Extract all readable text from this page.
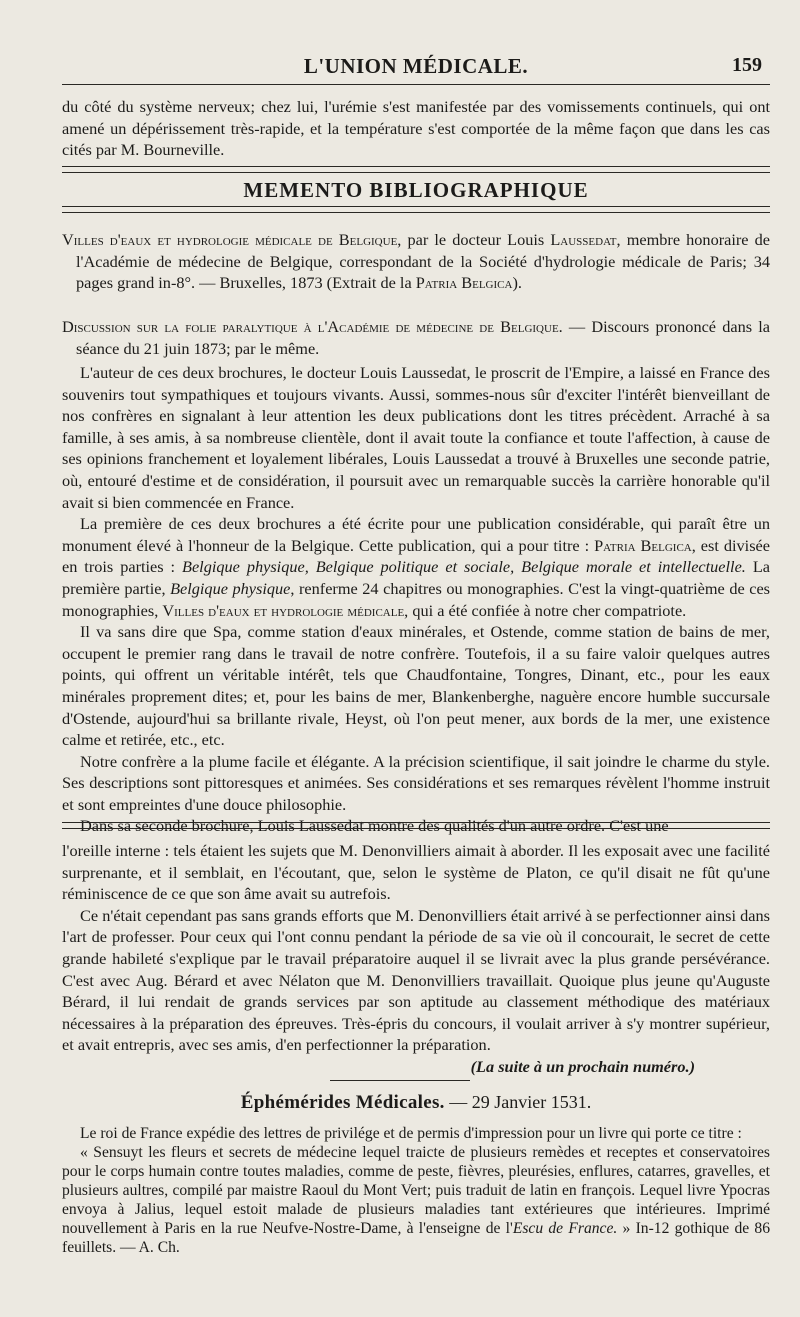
L'UNION MÉDICALE.	159

du côté du système nerveux; chez lui, l'urémie s'est manifestée par des vomissements continuels, qui ont amené un dépérissement très-rapide, et la température s'est comportée de la même façon que dans les cas cités par M. Bourneville.

MEMENTO BIBLIOGRAPHIQUE
Villes d'eaux et hydrologie médicale de Belgique, par le docteur Louis Laussedat, membre honoraire de l'Académie de médecine de Belgique, correspondant de la Société d'hydrologie médicale de Paris; 34 pages grand in-8°. — Bruxelles, 1873 (Extrait de la Patria Belgica).
Discussion sur la folie paralytique à l'Académie de médecine de Belgique. — Discours prononcé dans la séance du 21 juin 1873; par le même.

L'auteur de ces deux brochures, le docteur Louis Laussedat, le proscrit de l'Empire, a laissé en France des souvenirs tout sympathiques et toujours vivants. Aussi, sommes-nous sûr d'exciter l'intérêt bienveillant de nos confrères en signalant à leur attention les deux publications dont les titres précèdent. Arraché à sa famille, à ses amis, à sa nombreuse clientèle, dont il avait toute la confiance et toute l'affection, à cause de ses opinions franchement et loyalement libérales, Louis Laussedat a trouvé à Bruxelles une seconde patrie, où, entouré d'estime et de considération, il poursuit avec un remarquable succès la carrière honorable qu'il avait si bien commencée en France.

La première de ces deux brochures a été écrite pour une publication considérable, qui paraît être un monument élevé à l'honneur de la Belgique. Cette publication, qui a pour titre : Patria Belgica, est divisée en trois parties : Belgique physique, Belgique politique et sociale, Belgique morale et intellectuelle. La première partie, Belgique physique, renferme 24 chapitres ou monographies. C'est la vingt-quatrième de ces monographies, Villes d'eaux et hydrologie médicale, qui a été confiée à notre cher compatriote.

Il va sans dire que Spa, comme station d'eaux minérales, et Ostende, comme station de bains de mer, occupent le premier rang dans le travail de notre confrère. Toutefois, il a su faire valoir quelques autres points, qui offrent un véritable intérêt, tels que Chaudfontaine, Tongres, Dinant, etc., pour les eaux minérales proprement dites; et, pour les bains de mer, Blankenberghe, naguère encore humble succursale d'Ostende, aujourd'hui sa brillante rivale, Heyst, où l'on peut mener, aux bords de la mer, une existence calme et retirée, etc., etc.

Notre confrère a la plume facile et élégante. A la précision scientifique, il sait joindre le charme du style. Ses descriptions sont pittoresques et animées. Ses considérations et ses remarques révèlent l'homme instruit et sont empreintes d'une douce philosophie.

Dans sa seconde brochure, Louis Laussedat montre des qualités d'un autre ordre. C'est une

l'oreille interne : tels étaient les sujets que M. Denonvilliers aimait à aborder. Il les exposait avec une facilité surprenante, et il semblait, en l'écoutant, que, selon le système de Platon, ce qu'il disait ne fût qu'une réminiscence de ce que son âme avait su autrefois.

Ce n'était cependant pas sans grands efforts que M. Denonvilliers était arrivé à se perfectionner ainsi dans l'art de professer. Pour ceux qui l'ont connu pendant la période de sa vie où il concourait, le secret de cette grande habileté s'explique par le travail préparatoire auquel il se livrait avec la plus grande persévérance. C'est avec Aug. Bérard et avec Nélaton que M. Denonvilliers travaillait. Quoique plus jeune qu'Auguste Bérard, il lui rendait de grands services par son aptitude au classement méthodique des matériaux nécessaires à la préparation des épreuves. Très-épris du concours, il voulait arriver à s'y montrer supérieur, et avait entrepris, avec ses amis, d'en perfectionner la préparation.

(La suite à un prochain numéro.)

Éphémérides Médicales. — 29 Janvier 1531.

Le roi de France expédie des lettres de privilége et de permis d'impression pour un livre qui porte ce titre :

« Sensuyt les fleurs et secrets de médecine lequel traicte de plusieurs remèdes et receptes et conservatoires pour le corps humain contre toutes maladies, comme de peste, fièvres, pleurésies, enflures, catarres, gravelles, et plusieurs aultres, compilé par maistre Raoul du Mont Vert; puis traduit de latin en françois. Lequel livre Ypocras envoya à Jalius, lequel estoit malade de plusieurs maladies tant extérieures que intérieures. Imprimé nouvellement à Paris en la rue Neufve-Nostre-Dame, à l'enseigne de l'Escu de France. » In-12 gothique de 86 feuillets. — A. Ch.
